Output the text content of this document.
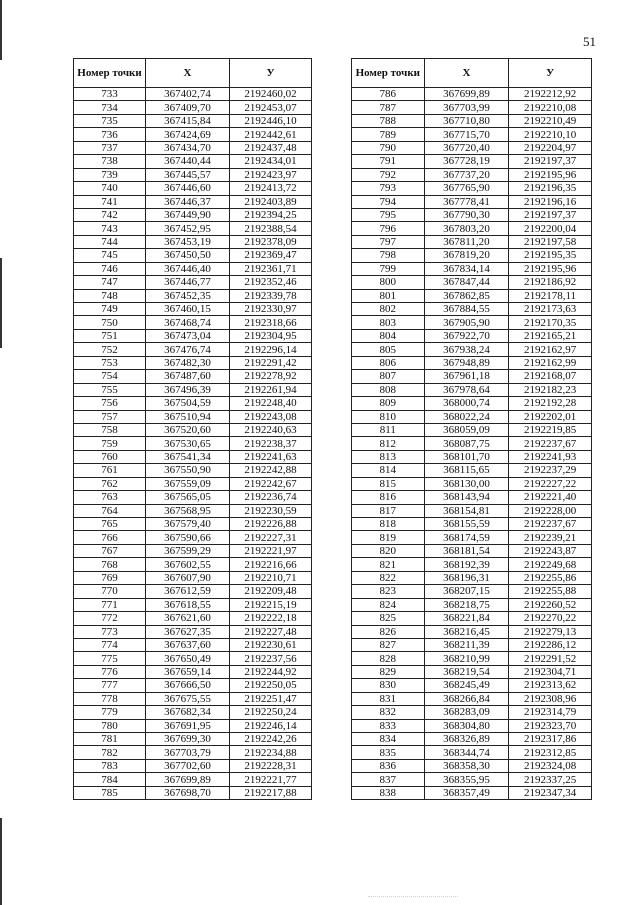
51
Номер точки	X	У
733	367402,74	2192460,02
734	367409,70	2192453,07
735	367415,84	2192446,10
736	367424,69	2192442,61
737	367434,70	2192437,48
738	367440,44	2192434,01
739	367445,57	2192423,97
740	367446,60	2192413,72
741	367446,37	2192403,89
742	367449,90	2192394,25
743	367452,95	2192388,54
744	367453,19	2192378,09
745	367450,50	2192369,47
746	367446,40	2192361,71
747	367446,77	2192352,46
748	367452,35	2192339,78
749	367460,15	2192330,97
750	367468,74	2192318,66
751	367473,04	2192304,95
752	367476,74	2192296,14
753	367482,30	2192291,42
754	367487,60	2192278,92
755	367496,39	2192261,94
756	367504,59	2192248,40
757	367510,94	2192243,08
758	367520,60	2192240,63
759	367530,65	2192238,37
760	367541,34	2192241,63
761	367550,90	2192242,88
762	367559,09	2192242,67
763	367565,05	2192236,74
764	367568,95	2192230,59
765	367579,40	2192226,88
766	367590,66	2192227,31
767	367599,29	2192221,97
768	367602,55	2192216,66
769	367607,90	2192210,71
770	367612,59	2192209,48
771	367618,55	2192215,19
772	367621,60	2192222,18
773	367627,35	2192227,48
774	367637,60	2192230,61
775	367650,49	2192237,56
776	367659,14	2192244,92
777	367666,50	2192250,05
778	367675,55	2192251,47
779	367682,34	2192250,24
780	367691,95	2192246,14
781	367699,30	2192242,26
782	367703,79	2192234,88
783	367702,60	2192228,31
784	367699,89	2192221,77
785	367698,70	2192217,88
Номер точки	X	У
786	367699,89	2192212,92
787	367703,99	2192210,08
788	367710,80	2192210,49
789	367715,70	2192210,10
790	367720,40	2192204,97
791	367728,19	2192197,37
792	367737,20	2192195,96
793	367765,90	2192196,35
794	367778,41	2192196,16
795	367790,30	2192197,37
796	367803,20	2192200,04
797	367811,20	2192197,58
798	367819,20	2192195,35
799	367834,14	2192195,96
800	367847,44	2192186,92
801	367862,85	2192178,11
802	367884,55	2192173,63
803	367905,90	2192170,35
804	367922,70	2192165,21
805	367938,24	2192162,97
806	367948,89	2192162,99
807	367961,18	2192168,07
808	367978,64	2192182,23
809	368000,74	2192192,28
810	368022,24	2192202,01
811	368059,09	2192219,85
812	368087,75	2192237,67
813	368101,70	2192241,93
814	368115,65	2192237,29
815	368130,00	2192227,22
816	368143,94	2192221,40
817	368154,81	2192228,00
818	368155,59	2192237,67
819	368174,59	2192239,21
820	368181,54	2192243,87
821	368192,39	2192249,68
822	368196,31	2192255,86
823	368207,15	2192255,88
824	368218,75	2192260,52
825	368221,84	2192270,22
826	368216,45	2192279,13
827	368211,39	2192286,12
828	368210,99	2192291,52
829	368219,54	2192304,71
830	368245,49	2192313,62
831	368266,84	2192308,96
832	368283,09	2192314,79
833	368304,80	2192323,70
834	368326,89	2192317,86
835	368344,74	2192312,85
836	368358,30	2192324,08
837	368355,95	2192337,25
838	368357,49	2192347,34
